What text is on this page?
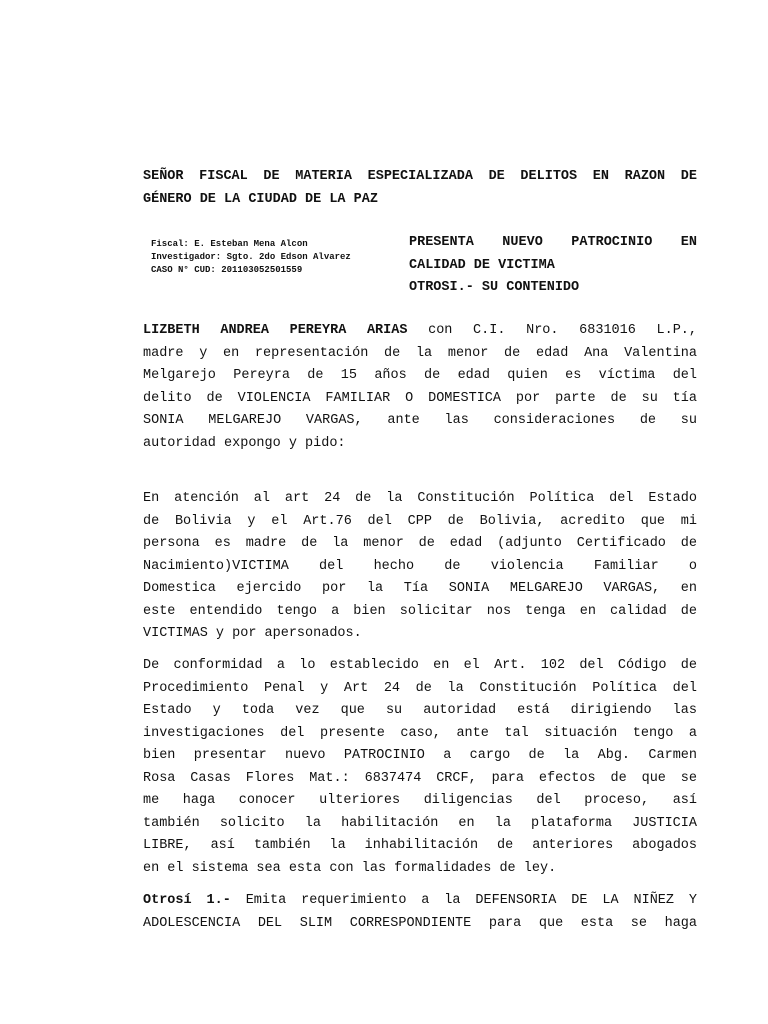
SEÑOR FISCAL DE MATERIA ESPECIALIZADA DE DELITOS EN RAZON DE
GÉNERO DE LA CIUDAD DE LA PAZ
Fiscal: E. Esteban Mena Alcon
Investigador: Sgto. 2do Edson Alvarez
CASO N° CUD: 201103052501559
PRESENTA NUEVO PATROCINIO EN
CALIDAD DE VICTIMA
OTROSI.- SU CONTENIDO
LIZBETH ANDREA PEREYRA ARIAS con C.I. Nro. 6831016 L.P.,
madre y en representación de la menor de edad Ana Valentina
Melgarejo Pereyra de 15 años de edad quien es víctima del
delito de VIOLENCIA FAMILIAR O DOMESTICA por parte de su tía
SONIA MELGAREJO VARGAS, ante las consideraciones de su
autoridad expongo y pido:
En atención al art 24 de la Constitución Política del Estado
de Bolivia y el Art.76 del CPP de Bolivia, acredito que mi
persona es madre de la menor de edad (adjunto Certificado de
Nacimiento)VICTIMA del hecho de violencia Familiar o
Domestica ejercido por la Tía SONIA MELGAREJO VARGAS, en
este entendido tengo a bien solicitar nos tenga en calidad de
VICTIMAS y por apersonados.
De conformidad a lo establecido en el Art. 102 del Código de
Procedimiento Penal y Art 24 de la Constitución Política del
Estado y toda vez que su autoridad está dirigiendo las
investigaciones del presente caso, ante tal situación tengo a
bien presentar nuevo PATROCINIO a cargo de la Abg. Carmen
Rosa Casas Flores Mat.: 6837474 CRCF, para efectos de que se
me haga conocer ulteriores diligencias del proceso, así
también solicito la habilitación en la plataforma JUSTICIA
LIBRE, así también la inhabilitación de anteriores abogados
en el sistema sea esta con las formalidades de ley.
Otrosí 1.- Emita requerimiento a la DEFENSORIA DE LA NIÑEZ Y
ADOLESCENCIA DEL SLIM CORRESPONDIENTE para que esta se haga
